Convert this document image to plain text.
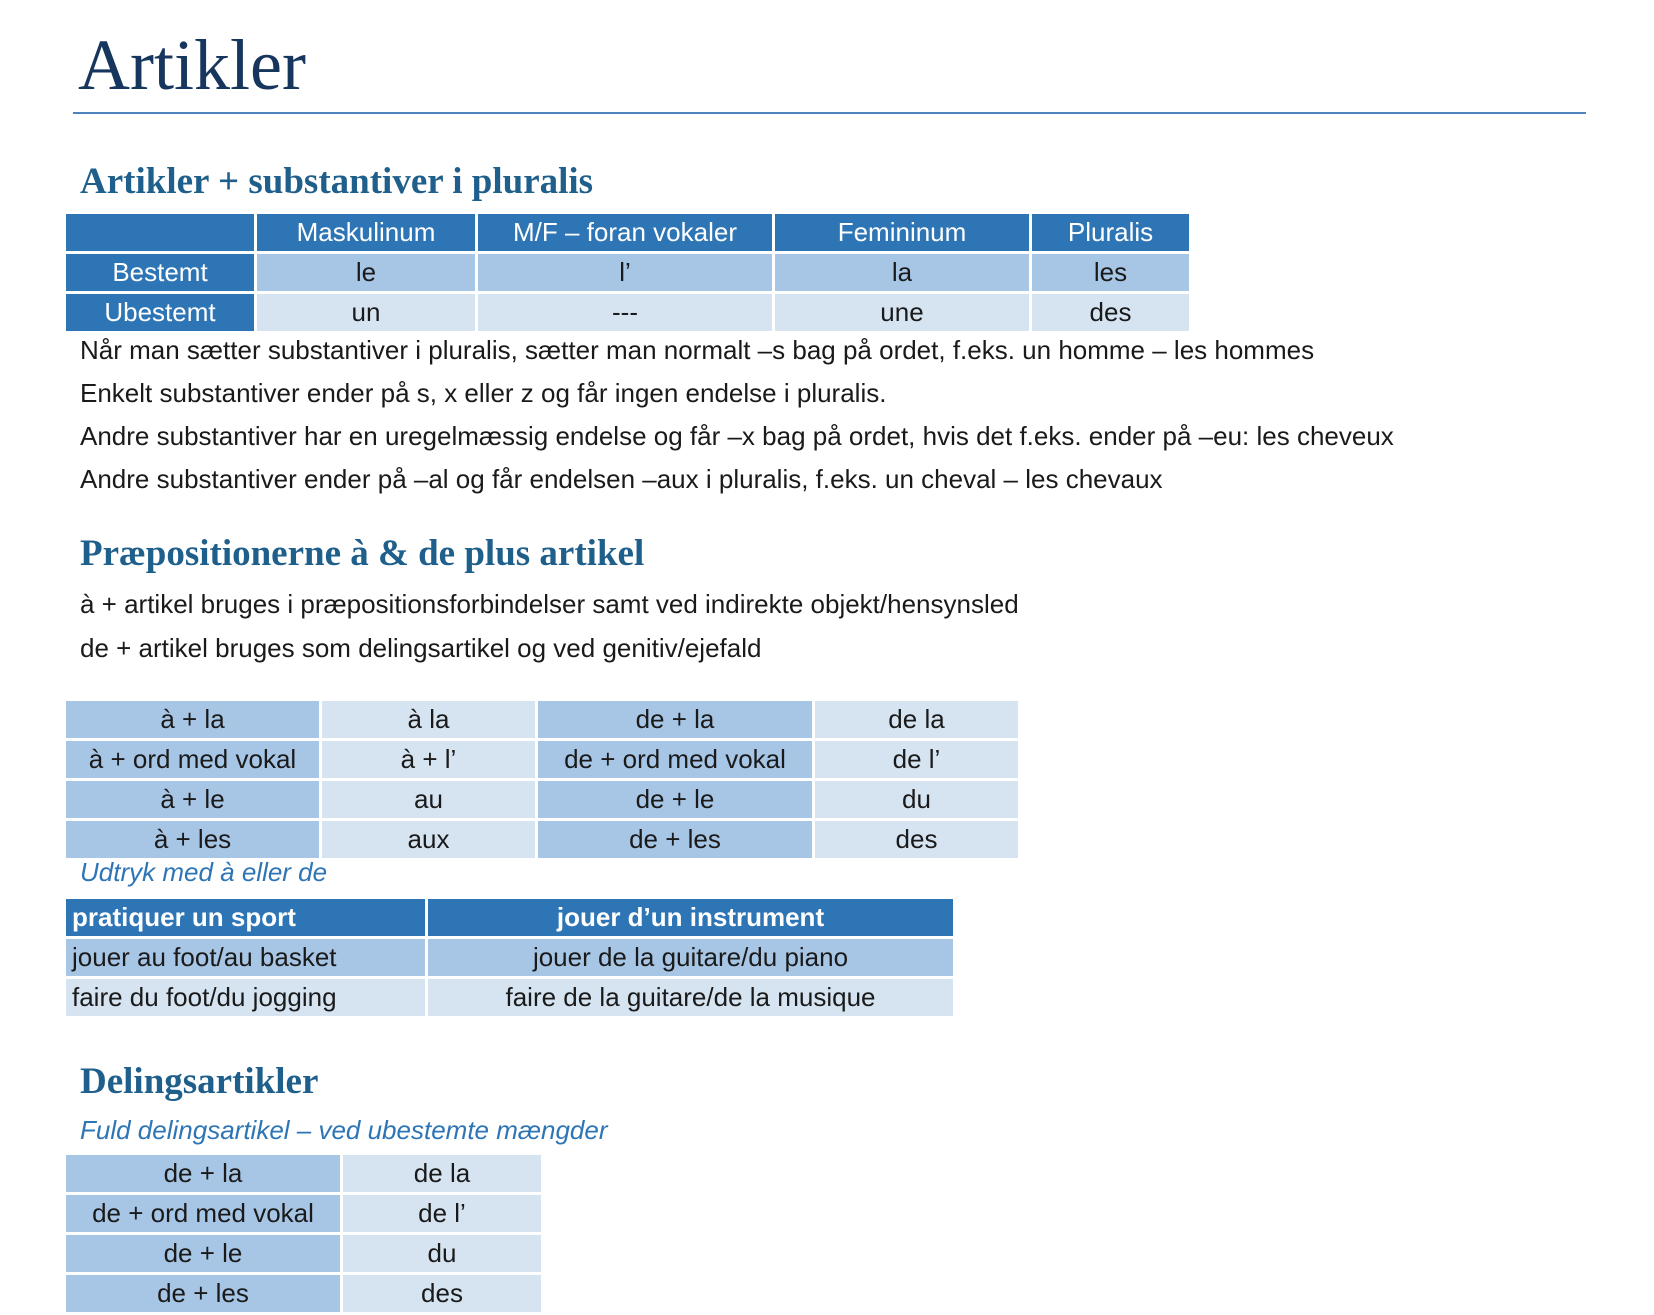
Artikler
Artikler + substantiver i pluralis
	Maskulinum	M/F – foran vokaler	Femininum	Pluralis
Bestemt	le	l’	la	les
Ubestemt	un	---	une	des

Når man sætter substantiver i pluralis, sætter man normalt –s bag på ordet, f.eks. un homme – les hommes

Enkelt substantiver ender på s, x eller z og får ingen endelse i pluralis.

Andre substantiver har en uregelmæssig endelse og får –x bag på ordet, hvis det f.eks. ender på –eu: les cheveux

Andre substantiver ender på –al og får endelsen –aux i pluralis, f.eks. un cheval – les chevaux

Præpositionerne à & de plus artikel

à + artikel bruges i præpositionsforbindelser samt ved indirekte objekt/hensynsled

de + artikel bruges som delingsartikel og ved genitiv/ejefald

à + la	à la	de + la	de la
à + ord med vokal	à + l’	de + ord med vokal	de l’
à + le	au	de + le	du
à + les	aux	de + les	des

Udtryk med à eller de

pratiquer un sport	jouer d’un instrument
jouer au foot/au basket	jouer de la guitare/du piano
faire du foot/du jogging	faire de la guitare/de la musique
Delingsartikler

Fuld delingsartikel – ved ubestemte mængder

de + la	de la
de + ord med vokal	de l’
de + le	du
de + les	des
